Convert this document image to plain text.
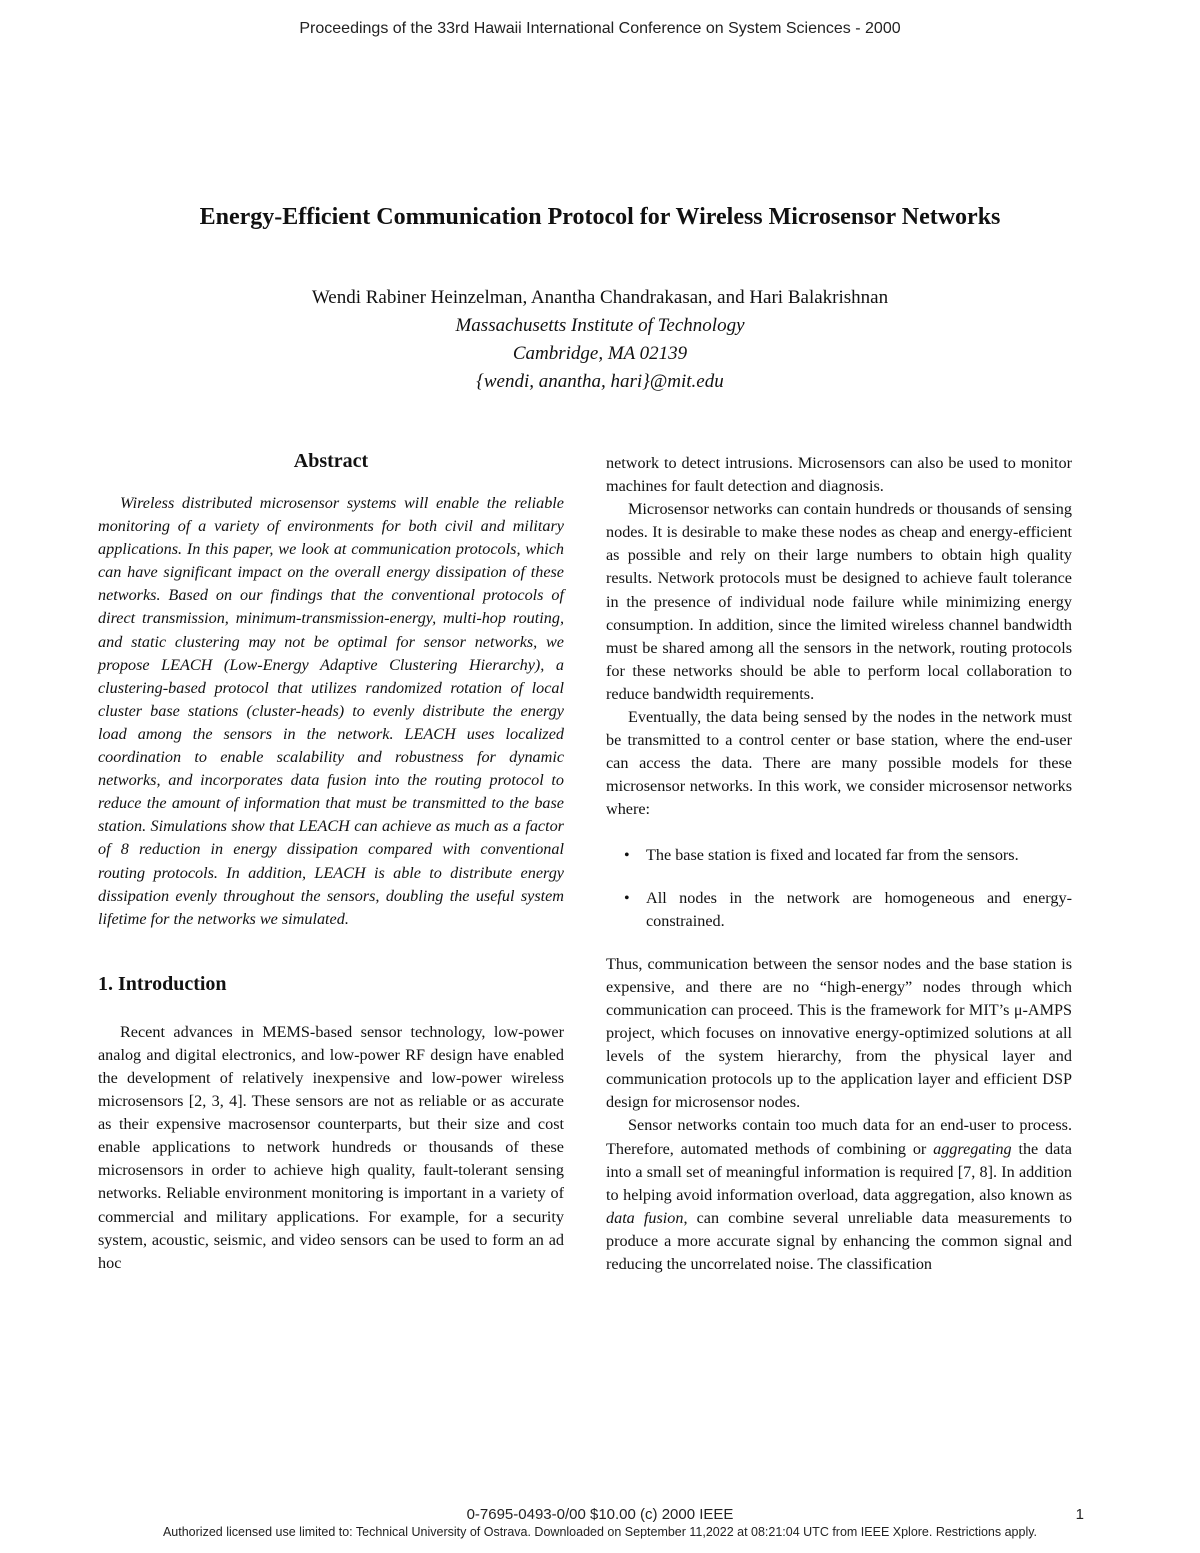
Proceedings of the 33rd Hawaii International Conference on System Sciences - 2000
Energy-Efficient Communication Protocol for Wireless Microsensor Networks
Wendi Rabiner Heinzelman, Anantha Chandrakasan, and Hari Balakrishnan
Massachusetts Institute of Technology
Cambridge, MA 02139
{wendi, anantha, hari}@mit.edu
Abstract

Wireless distributed microsensor systems will enable the reliable monitoring of a variety of environments for both civil and military applications. In this paper, we look at communication protocols, which can have significant impact on the overall energy dissipation of these networks. Based on our findings that the conventional protocols of direct transmission, minimum-transmission-energy, multi-hop routing, and static clustering may not be optimal for sensor networks, we propose LEACH (Low-Energy Adaptive Clustering Hierarchy), a clustering-based protocol that utilizes randomized rotation of local cluster base stations (cluster-heads) to evenly distribute the energy load among the sensors in the network. LEACH uses localized coordination to enable scalability and robustness for dynamic networks, and incorporates data fusion into the routing protocol to reduce the amount of information that must be transmitted to the base station. Simulations show that LEACH can achieve as much as a factor of 8 reduction in energy dissipation compared with conventional routing protocols. In addition, LEACH is able to distribute energy dissipation evenly throughout the sensors, doubling the useful system lifetime for the networks we simulated.

1. Introduction

Recent advances in MEMS-based sensor technology, low-power analog and digital electronics, and low-power RF design have enabled the development of relatively inexpensive and low-power wireless microsensors [2, 3, 4]. These sensors are not as reliable or as accurate as their expensive macrosensor counterparts, but their size and cost enable applications to network hundreds or thousands of these microsensors in order to achieve high quality, fault-tolerant sensing networks. Reliable environment monitoring is important in a variety of commercial and military applications. For example, for a security system, acoustic, seismic, and video sensors can be used to form an ad hoc

network to detect intrusions. Microsensors can also be used to monitor machines for fault detection and diagnosis.

Microsensor networks can contain hundreds or thousands of sensing nodes. It is desirable to make these nodes as cheap and energy-efficient as possible and rely on their large numbers to obtain high quality results. Network protocols must be designed to achieve fault tolerance in the presence of individual node failure while minimizing energy consumption. In addition, since the limited wireless channel bandwidth must be shared among all the sensors in the network, routing protocols for these networks should be able to perform local collaboration to reduce bandwidth requirements.

Eventually, the data being sensed by the nodes in the network must be transmitted to a control center or base station, where the end-user can access the data. There are many possible models for these microsensor networks. In this work, we consider microsensor networks where:

• The base station is fixed and located far from the sensors.
• All nodes in the network are homogeneous and energy-constrained.

Thus, communication between the sensor nodes and the base station is expensive, and there are no “high-energy” nodes through which communication can proceed. This is the framework for MIT’s μ-AMPS project, which focuses on innovative energy-optimized solutions at all levels of the system hierarchy, from the physical layer and communication protocols up to the application layer and efficient DSP design for microsensor nodes.

Sensor networks contain too much data for an end-user to process. Therefore, automated methods of combining or aggregating the data into a small set of meaningful information is required [7, 8]. In addition to helping avoid information overload, data aggregation, also known as data fusion, can combine several unreliable data measurements to produce a more accurate signal by enhancing the common signal and reducing the uncorrelated noise. The classification

0-7695-0493-0/00 $10.00 (c) 2000 IEEE	1
Authorized licensed use limited to: Technical University of Ostrava. Downloaded on September 11,2022 at 08:21:04 UTC from IEEE Xplore. Restrictions apply.
